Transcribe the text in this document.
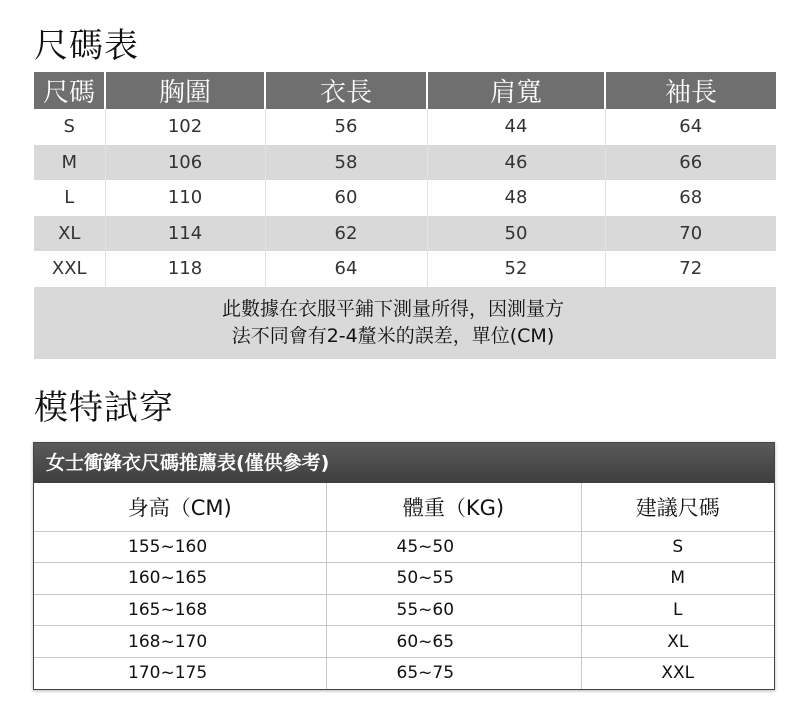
尺碼表
尺碼	胸圍	衣長	肩寬	袖長
S	102	56	44	64
M	106	58	46	66
L	110	60	48	68
XL	114	62	50	70
XXL	118	64	52	72

此數據在衣服平鋪下測量所得，因測量方
法不同會有2-4釐米的誤差，單位(CM)				
模特試穿
女士衝鋒衣尺碼推薦表(僅供參考)
身高（CM)	體重（KG)	建議尺碼
155~160	45~50	S
160~165	50~55	M
165~168	55~60	L
168~170	60~65	XL
170~175	65~75	XXL
